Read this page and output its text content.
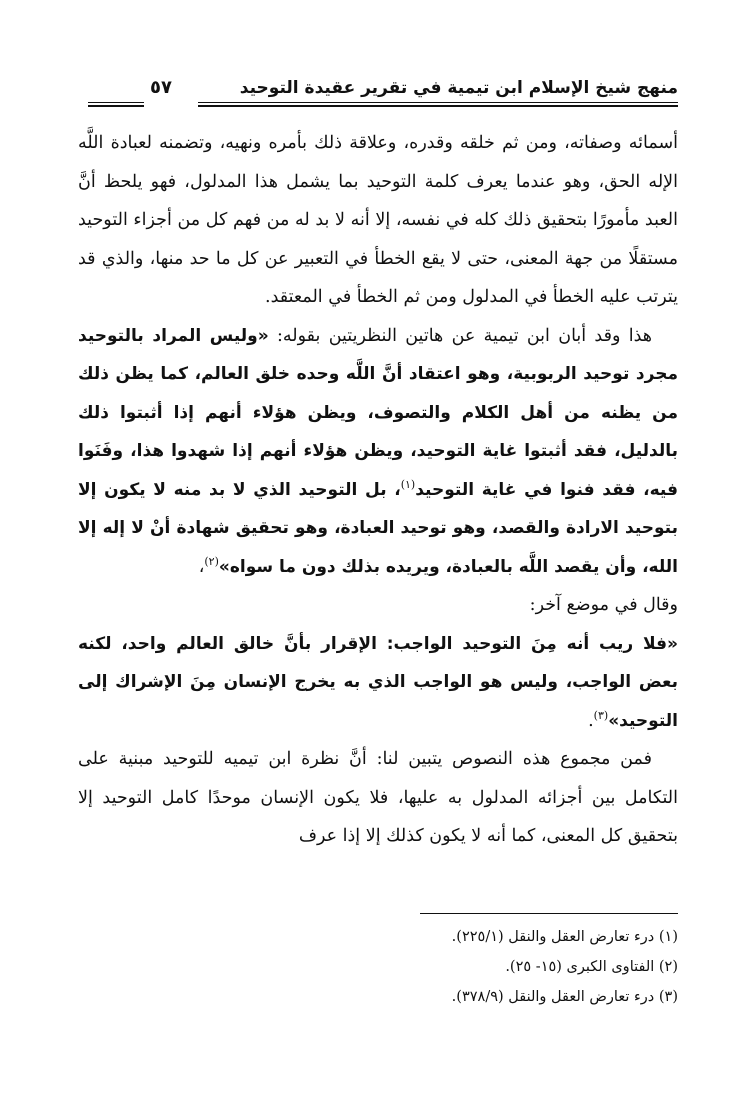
منهج شيخ الإسلام ابن تيمية في تقرير عقيدة التوحيد
٥٧

أسمائه وصفاته، ومن ثم خلقه وقدره، وعلاقة ذلك بأمره ونهيه، وتضمنه لعبادة اللَّه الإله الحق، وهو عندما يعرف كلمة التوحيد بما يشمل هذا المدلول، فهو يلحظ أنَّ العبد مأمورًا بتحقيق ذلك كله في نفسه، إلا أنه لا بد له من فهم كل من أجزاء التوحيد مستقلًا من جهة المعنى، حتى لا يقع الخطأ في التعبير عن كل ما حد منها، والذي قد يترتب عليه الخطأ في المدلول ومن ثم الخطأ في المعتقد.

هذا وقد أبان ابن تيمية عن هاتين النظريتين بقوله: «وليس المراد بالتوحيد مجرد توحيد الربوبية، وهو اعتقاد أنَّ اللَّه وحده خلق العالم، كما يظن ذلك من يظنه من أهل الكلام والتصوف، ويظن هؤلاء أنهم إذا أثبتوا ذلك بالدليل، فقد أثبتوا غاية التوحيد، ويظن هؤلاء أنهم إذا شهدوا هذا، وفَنَوا فيه، فقد فنوا في غاية التوحيد$^{(١)}$، بل التوحيد الذي لا بد منه لا يكون إلا بتوحيد الارادة والقصد، وهو توحيد العبادة، وهو تحقيق شهادة أنْ لا إله إلا الله، وأن يقصد اللَّه بالعبادة، ويريده بذلك دون ما سواه»$^{(٢)}$،

وقال في موضع آخر:

«فلا ريب أنه مِنَ التوحيد الواجب: الإقرار بأنَّ خالق العالم واحد، لكنه بعض الواجب، وليس هو الواجب الذي به يخرج الإنسان مِنَ الإشراك إلى التوحيد»$^{(٣)}$.

فمن مجموع هذه النصوص يتبين لنا: أنَّ نظرة ابن تيميه للتوحيد مبنية على التكامل بين أجزائه المدلول به عليها، فلا يكون الإنسان موحدًا كامل التوحيد إلا بتحقيق كل المعنى، كما أنه لا يكون كذلك إلا إذا عرف

(١) درء تعارض العقل والنقل (٢٢٥/١).
(٢) الفتاوى الكبرى (١٥- ٢٥).
(٣) درء تعارض العقل والنقل (٣٧٨/٩).
